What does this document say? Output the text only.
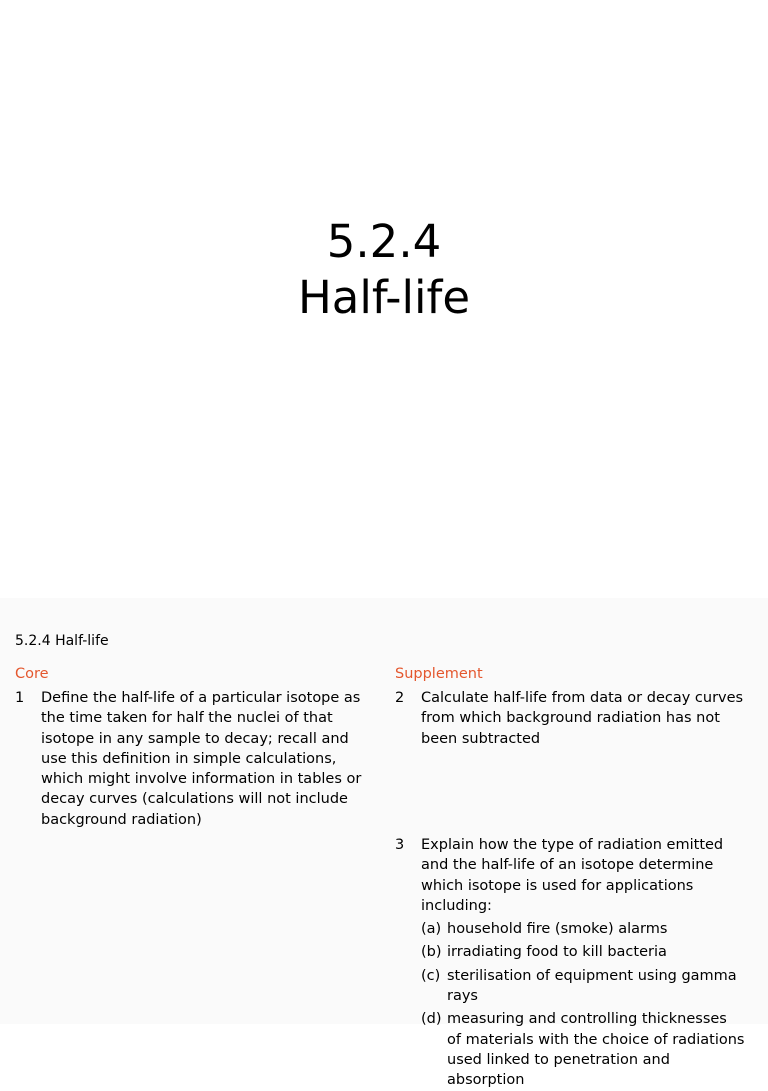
5.2.4
Half-life
5.2.4 Half-life
Core
1	Define the half-life of a particular isotope as the time taken for half the nuclei of that isotope in any sample to decay; recall and use this definition in simple calculations, which might involve information in tables or decay curves (calculations will not include background radiation)
Supplement
2	Calculate half-life from data or decay curves from which background radiation has not been subtracted
3	Explain how the type of radiation emitted and the half-life of an isotope determine which isotope is used for applications including:
(a) household fire (smoke) alarms
(b) irradiating food to kill bacteria
(c) sterilisation of equipment using gamma rays
(d) measuring and controlling thicknesses of materials with the choice of radiations used linked to penetration and absorption
